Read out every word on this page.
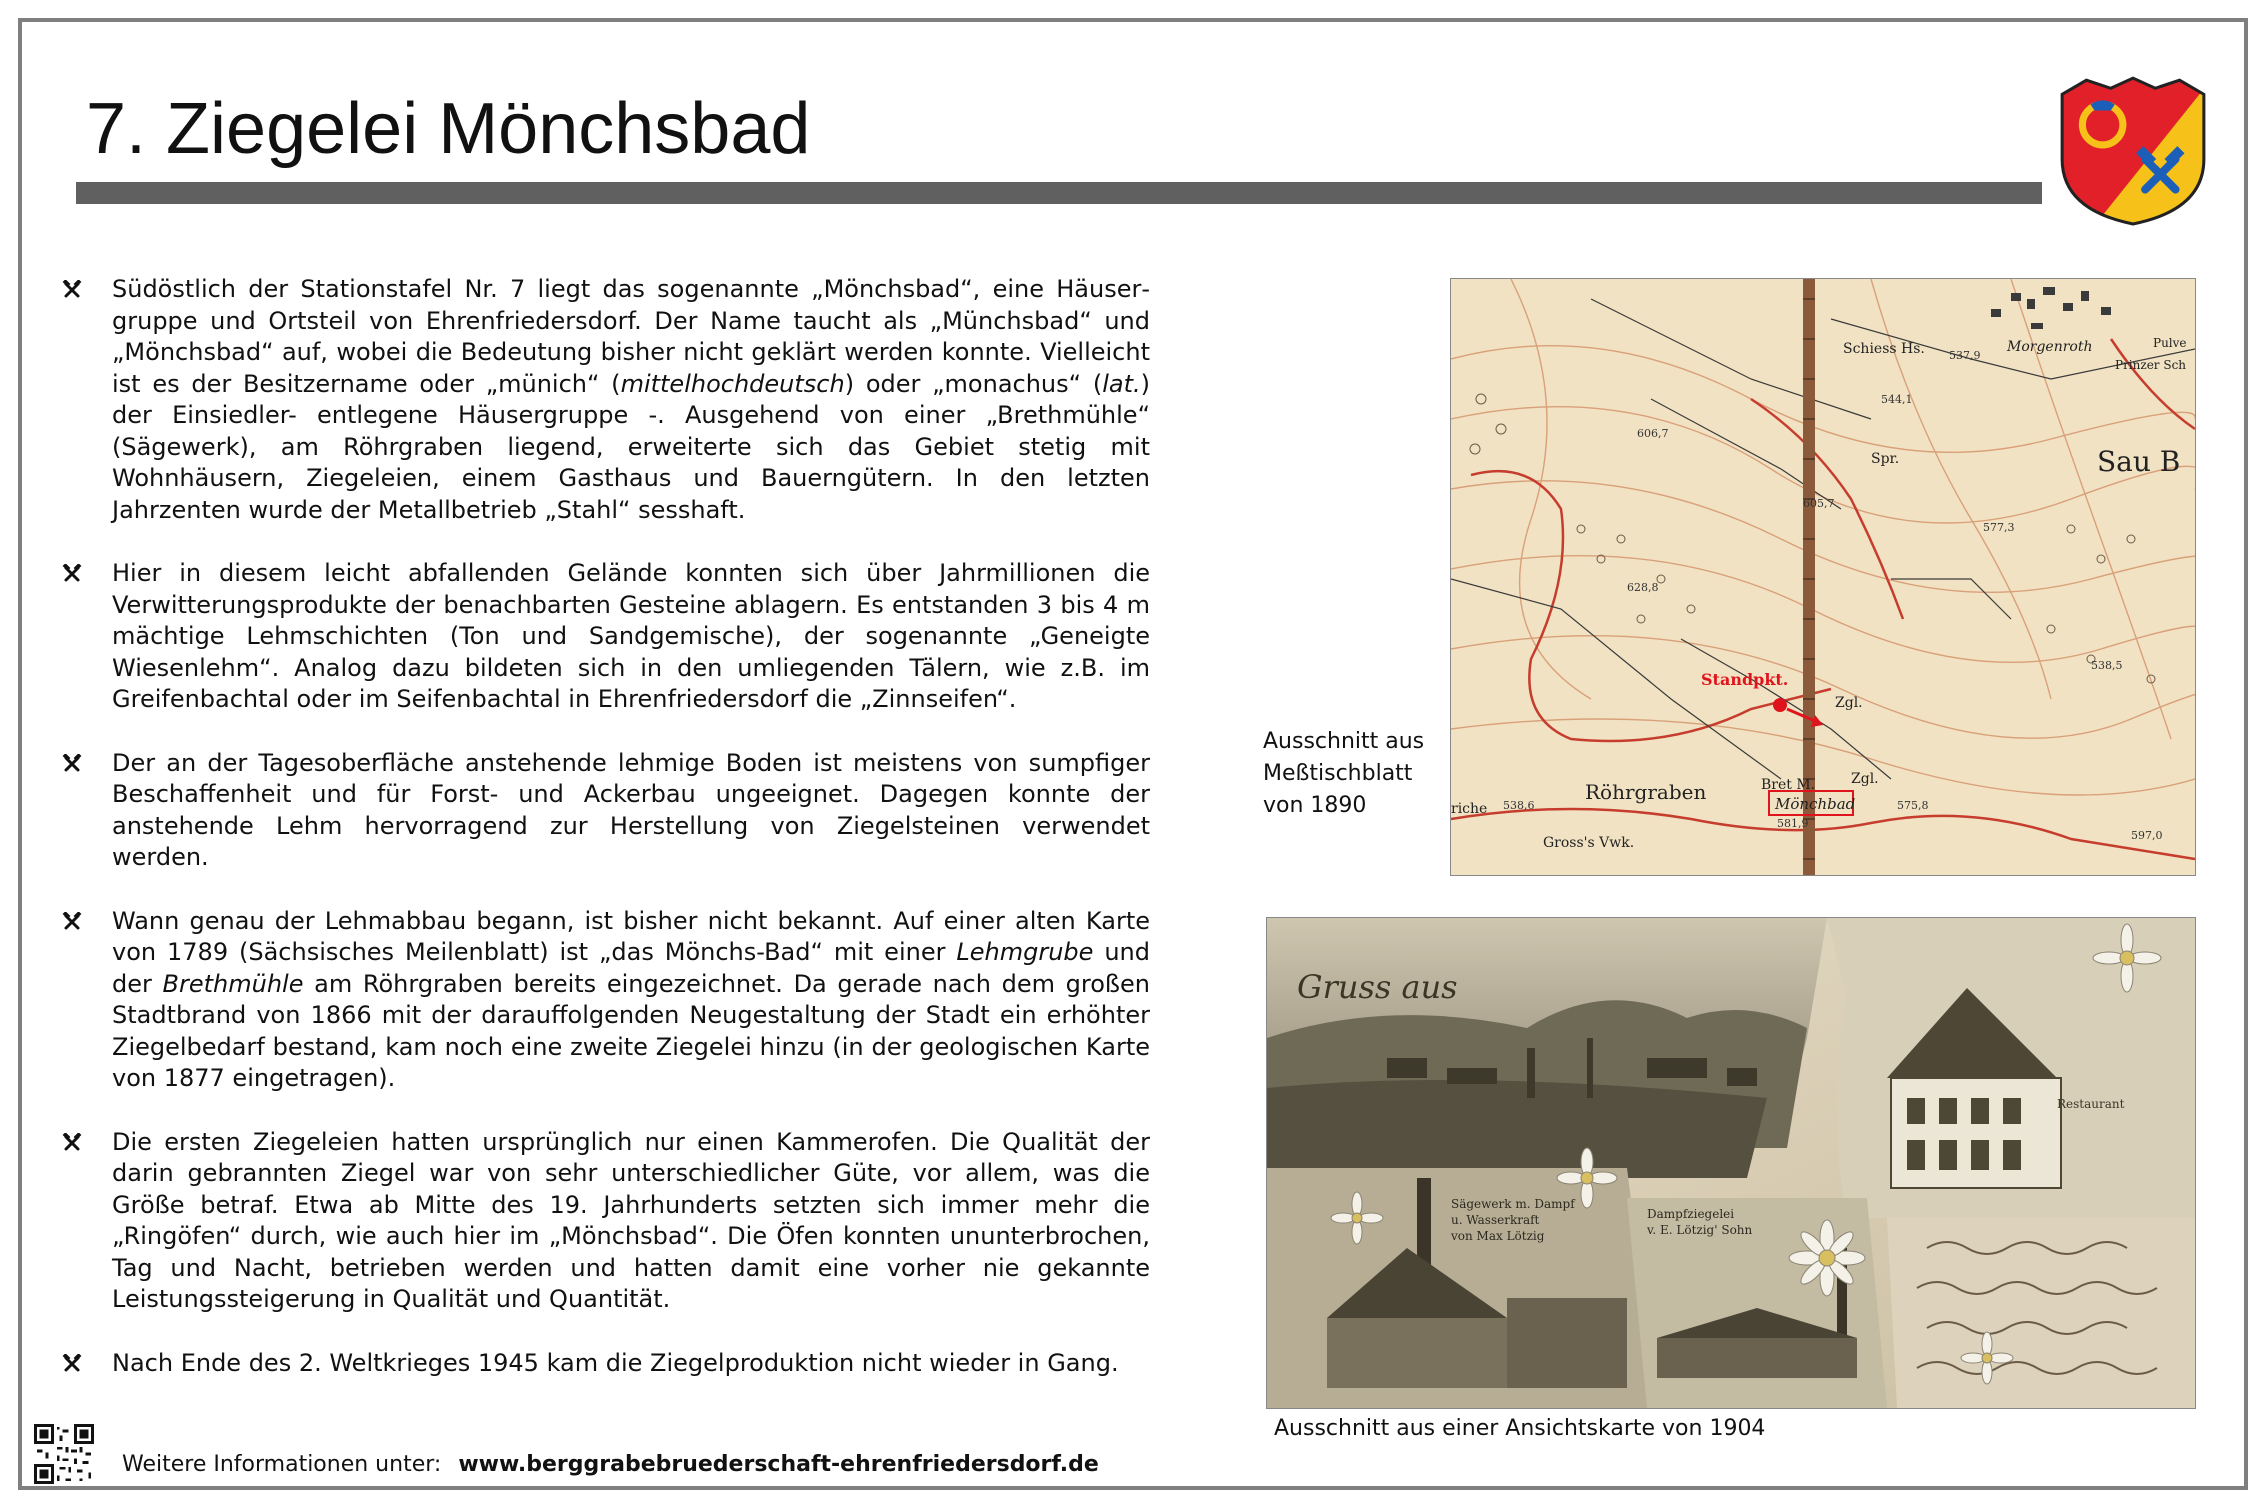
7. Ziegelei Mönchsbad

Südöstlich der Stationstafel Nr. 7 liegt das sogenannte „Mönchsbad“, eine Häusergruppe und Ortsteil von Ehrenfriedersdorf. Der Name taucht als „Münchsbad“ und „Mönchsbad“ auf, wobei die Bedeutung bisher nicht geklärt werden konnte. Vielleicht ist es der Besitzername oder „münich“ (mittelhochdeutsch) oder „monachus“ (lat.) der Einsiedler- entlegene Häusergruppe -. Ausgehend von einer „Brethmühle“ (Sägewerk), am Röhrgraben liegend, erweiterte sich das Gebiet stetig mit Wohnhäusern, Ziegeleien, einem Gasthaus und Bauerngütern. In den letzten Jahrzenten wurde der Metallbetrieb „Stahl“ sesshaft.

Hier in diesem leicht abfallenden Gelände konnten sich über Jahrmillionen die Verwitterungsprodukte der benachbarten Gesteine ablagern. Es entstanden 3 bis 4 m mächtige Lehmschichten (Ton und Sandgemische), der sogenannte „Geneigte Wiesenlehm“. Analog dazu bildeten sich in den umliegenden Tälern, wie z.B. im Greifenbachtal oder im Seifenbachtal in Ehrenfriedersdorf die „Zinnseifen“.

Der an der Tagesoberfläche anstehende lehmige Boden ist meistens von sumpfiger Beschaffenheit und für Forst- und Ackerbau ungeeignet. Dagegen konnte der anstehende Lehm hervorragend zur Herstellung von Ziegelsteinen verwendet werden.

Wann genau der Lehmabbau begann, ist bisher nicht bekannt. Auf einer alten Karte von 1789 (Sächsisches Meilenblatt) ist „das Mönchs-Bad“ mit einer Lehmgrube und der Brethmühle am Röhrgraben bereits eingezeichnet. Da gerade nach dem großen Stadtbrand von 1866 mit der darauffolgenden Neugestaltung der Stadt ein erhöhter Ziegelbedarf bestand, kam noch eine zweite Ziegelei hinzu (in der geologischen Karte von 1877 eingetragen).

Die ersten Ziegeleien hatten ursprünglich nur einen Kammerofen. Die Qualität der darin gebrannten Ziegel war von sehr unterschiedlicher Güte, vor allem, was die Größe betraf. Etwa ab Mitte des 19. Jahrhunderts setzten sich immer mehr die „Ringöfen“ durch, wie auch hier im „Mönchsbad“. Die Öfen konnten ununterbrochen, Tag und Nacht, betrieben werden und hatten damit eine vorher nie gekannte Leistungssteigerung in Qualität und Quantität.

Nach Ende des 2. Weltkrieges 1945 kam die Ziegelproduktion nicht wieder in Gang.

Schiess Hs.	Morgenroth
Sau B
Röhrgraben	Bret M.	Zgl.
Zgl.
Gross's Vwk.
riche
Spr.
Pulve
Prinzer Sch
537,9
544,1
606,7
605,7
577,3
628,8
538,6	575,8
581,9
538,5
597,0
Standpkt.
Mönchbad
Ausschnitt aus
Meßtischblatt
von 1890
Gruss aus
Restaurant
Sägewerk m. Dampf
u. Wasserkraft
von Max Lötzig
Dampfziegelei
v. E. Lötzig' Sohn
Ausschnitt aus einer Ansichtskarte von 1904
Weitere Informationen unter: www.berggrabebruederschaft-ehrenfriedersdorf.de
